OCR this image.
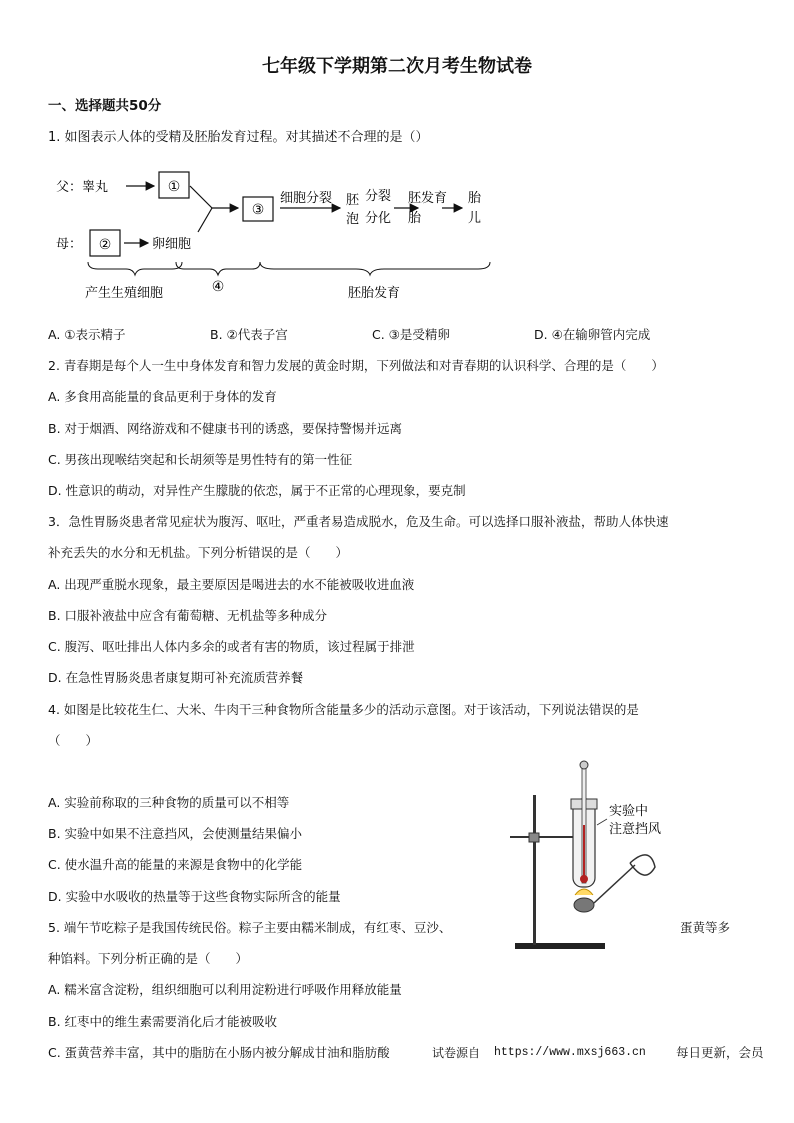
七年级下学期第二次月考生物试卷
一、选择题共50分
1. 如图表示人体的受精及胚胎发育过程。对其描述不合理的是（）
父：睾丸	①
母： ②	卵细胞
③
细胞分裂 胚
泡
分裂
分化
胚发育
胎
胎
儿
产生生殖细胞	④	胚胎发育
A. ①表示精子	B. ②代表子宫	C. ③是受精卵	D. ④在输卵管内完成
2. 青春期是每个人一生中身体发育和智力发展的黄金时期，下列做法和对青春期的认识科学、合理的是（　　）
A. 多食用高能量的食品更利于身体的发育
B. 对于烟酒、网络游戏和不健康书刊的诱惑，要保持警惕并远离
C. 男孩出现喉结突起和长胡须等是男性特有的第一性征
D. 性意识的萌动，对异性产生朦胧的依恋，属于不正常的心理现象，要克制
3．急性胃肠炎患者常见症状为腹泻、呕吐，严重者易造成脱水，危及生命。可以选择口服补液盐，帮助人体快速
补充丢失的水分和无机盐。下列分析错误的是（　　）
A. 出现严重脱水现象，最主要原因是喝进去的水不能被吸收进血液
B. 口服补液盐中应含有葡萄糖、无机盐等多种成分
C. 腹泻、呕吐排出人体内多余的或者有害的物质，该过程属于排泄
D. 在急性胃肠炎患者康复期可补充流质营养餐
4. 如图是比较花生仁、大米、牛肉干三种食物所含能量多少的活动示意图。对于该活动，下列说法错误的是
（　　）
A. 实验前称取的三种食物的质量可以不相等
B. 实验中如果不注意挡风，会使测量结果偏小
C. 使水温升高的能量的来源是食物中的化学能
D. 实验中水吸收的热量等于这些食物实际所含的能量
实验中
注意挡风
5. 端午节吃粽子是我国传统民俗。粽子主要由糯米制成，有红枣、豆沙、	蛋黄等多
种馅料。下列分析正确的是（　　）
A. 糯米富含淀粉，组织细胞可以利用淀粉进行呼吸作用释放能量
B. 红枣中的维生素需要消化后才能被吸收
C. 蛋黄营养丰富，其中的脂肪在小肠内被分解成甘油和脂肪酸	试卷源自 https://www.mxsj663.cn 每日更新，会员
